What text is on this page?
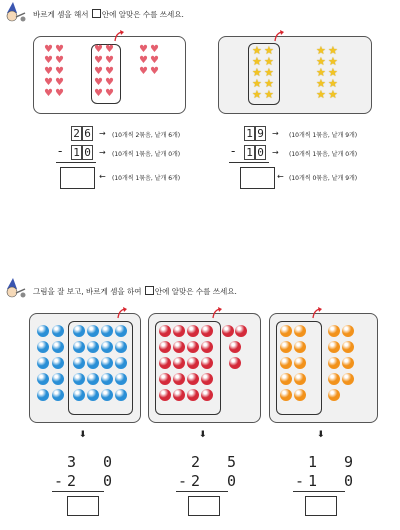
바르게 셈을 해서 안에 알맞은 수를 쓰세요.
♥ ♥
♥ ♥
♥ ♥
♥ ♥
♥ ♥
♥ ♥
♥ ♥
♥ ♥
♥ ♥
♥ ♥
♥ ♥
♥ ♥
♥ ♥
★ ★
★ ★
★ ★
★ ★
★ ★
★ ★
★ ★
★ ★
★ ★
★ ★
2 6
- 1 0
→ (10개씩 2묶음, 낱개 6개)
→ (10개씩 1묶음, 낱개 0개)
← (10개씩 1묶음, 낱개 6개)
1 9
- 1 0
→ (10개씩 1묶음, 낱개 9개)
→ (10개씩 1묶음, 낱개 0개)
← (10개씩 0묶음, 낱개 9개)
그림을 잘 보고, 바르게 셈을 하여 안에 알맞은 수를 쓰세요.
⬇	⬇	⬇
3 0
-
2 0
2 5
-
2 0
1 9
-
1 0
